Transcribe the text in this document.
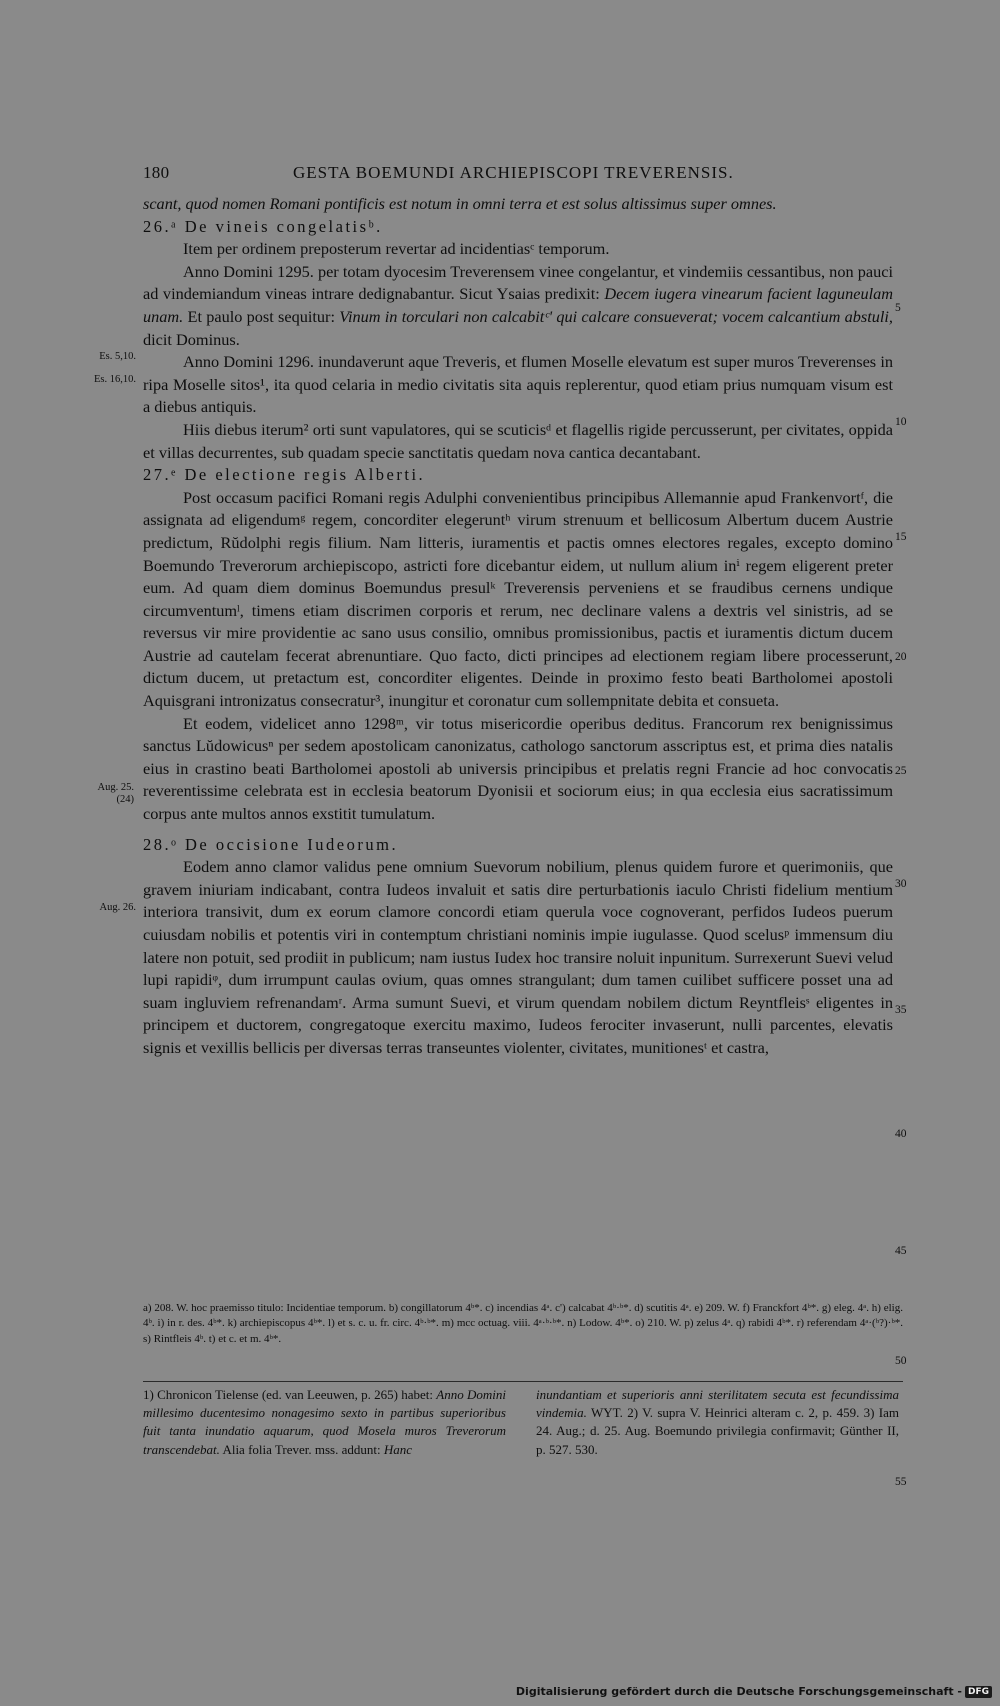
180	GESTA BOEMUNDI ARCHIEPISCOPI TREVERENSIS.

scant, quod nomen Romani pontificis est notum in omni terra et est solus altissimus super omnes.

26.ᵃ De vineis congelatisᵇ.

Item per ordinem preposterum revertar ad incidentiasᶜ temporum.

Anno Domini 1295. per totam dyocesim Treverensem vinee congelantur, et vindemiis cessantibus, non pauci ad vindemiandum vineas intrare dedignabantur. Sicut Ysaias predixit: Decem iugera vinearum facient laguneulam unam. Et paulo post sequitur: Vinum in torculari non calcabitᶜ' qui calcare consueverat; vocem calcantium abstuli, dicit Dominus.

Anno Domini 1296. inundaverunt aque Treveris, et flumen Moselle elevatum est super muros Treverenses in ripa Moselle sitos¹, ita quod celaria in medio civitatis sita aquis replerentur, quod etiam prius numquam visum est a diebus antiquis.

Hiis diebus iterum² orti sunt vapulatores, qui se scuticisᵈ et flagellis rigide percusserunt, per civitates, oppida et villas decurrentes, sub quadam specie sanctitatis quedam nova cantica decantabant.

27.ᵉ De electione regis Alberti.

Post occasum pacifici Romani regis Adulphi convenientibus principibus Allemannie apud Frankenvortᶠ, die assignata ad eligendumᵍ regem, concorditer elegeruntʰ virum strenuum et bellicosum Albertum ducem Austrie predictum, Rŭdolphi regis filium. Nam litteris, iuramentis et pactis omnes electores regales, excepto domino Boemundo Treverorum archiepiscopo, astricti fore dicebantur eidem, ut nullum alium inⁱ regem eligerent preter eum. Ad quam diem dominus Boemundus presulᵏ Treverensis perveniens et se fraudibus cernens undique circumventumˡ, timens etiam discrimen corporis et rerum, nec declinare valens a dextris vel sinistris, ad se reversus vir mire providentie ac sano usus consilio, omnibus promissionibus, pactis et iuramentis dictum ducem Austrie ad cautelam fecerat abrenuntiare. Quo facto, dicti principes ad electionem regiam libere processerunt, dictum ducem, ut pretactum est, concorditer eligentes. Deinde in proximo festo beati Bartholomei apostoli Aquisgrani intronizatus consecratur³, inungitur et coronatur cum sollempnitate debita et consueta.

Et eodem, videlicet anno 1298ᵐ, vir totus misericordie operibus deditus. Francorum rex benignissimus sanctus Lŭdowicusⁿ per sedem apostolicam canonizatus, cathologo sanctorum asscriptus est, et prima dies natalis eius in crastino beati Bartholomei apostoli ab universis principibus et prelatis regni Francie ad hoc convocatis reverentissime celebrata est in ecclesia beatorum Dyonisii et sociorum eius; in qua ecclesia eius sacratissimum corpus ante multos annos exstitit tumulatum.

28.ᵒ De occisione Iudeorum.

Eodem anno clamor validus pene omnium Suevorum nobilium, plenus quidem furore et querimoniis, que gravem iniuriam indicabant, contra Iudeos invaluit et satis dire perturbationis iaculo Christi fidelium mentium interiora transivit, dum ex eorum clamore concordi etiam querula voce cognoverant, perfidos Iudeos puerum cuiusdam nobilis et potentis viri in contemptum christiani nominis impie iugulasse. Quod scelusᵖ immensum diu latere non potuit, sed prodiit in publicum; nam iustus Iudex hoc transire noluit inpunitum. Surrexerunt Suevi velud lupi rapidiᵠ, dum irrumpunt caulas ovium, quas omnes strangulant; dum tamen cuilibet sufficere posset una ad suam ingluviem refrenandamʳ. Arma sumunt Suevi, et virum quendam nobilem dictum Reyntfleisˢ eligentes in principem et ductorem, congregatoque exercitu maximo, Iudeos ferociter invaserunt, nulli parcentes, elevatis signis et vexillis bellicis per diversas terras transeuntes violenter, civitates, munitionesᵗ et castra,

5
10
15
20
25
30
35
40
45
50
55
Es. 5,10.
Es. 16,10.
Aug. 25. (24)
Aug. 26.

a) 208. W. hoc praemisso titulo: Incidentiae temporum. b) congillatorum 4ᵇ*. c) incendias 4ᵃ. c') calcabat 4ᵇ·ᵇ*. d) scutitis 4ᵃ. e) 209. W. f) Franckfort 4ᵇ*. g) eleg. 4ᵃ. h) elig. 4ᵇ. i) in r. des. 4ᵇ*. k) archiepiscopus 4ᵇ*. l) et s. c. u. fr. circ. 4ᵇ·ᵇ*. m) mcc octuag. viii. 4ᵃ·ᵇ·ᵇ*. n) Lodow. 4ᵇ*. o) 210. W. p) zelus 4ᵃ. q) rabidi 4ᵇ*. r) referendam 4ᵃ·(ᵇ?)·ᵇ*. s) Rintfleis 4ᵇ. t) et c. et m. 4ᵇ*.

1) Chronicon Tielense (ed. van Leeuwen, p. 265) habet: Anno Domini millesimo ducentesimo nonagesimo sexto in partibus superioribus fuit tanta inundatio aquarum, quod Mosela muros Treverorum transcendebat. Alia folia Trever. mss. addunt: Hanc

inundantiam et superioris anni sterilitatem secuta est fecundissima vindemia. WYT. 2) V. supra V. Heinrici alteram c. 2, p. 459. 3) Iam 24. Aug.; d. 25. Aug. Boemundo privilegia confirmavit; Günther II, p. 527. 530.

Digitalisierung gefördert durch die Deutsche Forschungsgemeinschaft - DFG
